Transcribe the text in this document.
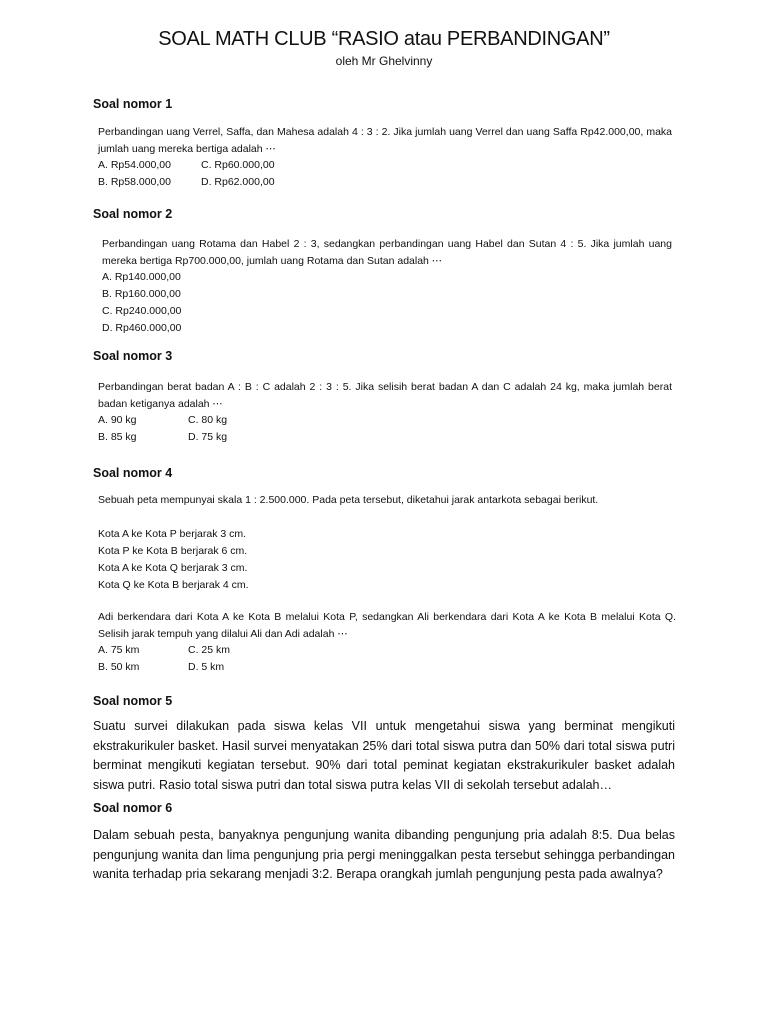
SOAL MATH CLUB “RASIO atau PERBANDINGAN”

oleh Mr Ghelvinny

Soal nomor 1

Perbandingan uang Verrel, Saffa, dan Mahesa adalah 4 : 3 : 2. Jika jumlah uang Verrel dan uang Saffa Rp42.000,00, maka jumlah uang mereka bertiga adalah ⋯

A. Rp54.000,00	C. Rp60.000,00
B. Rp58.000,00	D. Rp62.000,00

Soal nomor 2

Perbandingan uang Rotama dan Habel 2 : 3, sedangkan perbandingan uang Habel dan Sutan 4 : 5. Jika jumlah uang mereka bertiga Rp700.000,00, jumlah uang Rotama dan Sutan adalah ⋯

A. Rp140.000,00
B. Rp160.000,00
C. Rp240.000,00
D. Rp460.000,00

Soal nomor 3

Perbandingan berat badan A : B : C adalah 2 : 3 : 5. Jika selisih berat badan A dan C adalah 24 kg, maka jumlah berat badan ketiganya adalah ⋯

A. 90 kg	C. 80 kg
B. 85 kg	D. 75 kg

Soal nomor 4

Sebuah peta mempunyai skala 1 : 2.500.000. Pada peta tersebut, diketahui jarak antarkota sebagai berikut.

Kota A ke Kota P berjarak 3 cm.
Kota P ke Kota B berjarak 6 cm.
Kota A ke Kota Q berjarak 3 cm.
Kota Q ke Kota B berjarak 4 cm.

Adi berkendara dari Kota A ke Kota B melalui Kota P, sedangkan Ali berkendara dari Kota A ke Kota B melalui Kota Q. Selisih jarak tempuh yang dilalui Ali dan Adi adalah ⋯

A. 75 km	C. 25 km
B. 50 km	D. 5 km

Soal nomor 5

Suatu survei dilakukan pada siswa kelas VII untuk mengetahui siswa yang berminat mengikuti ekstrakurikuler basket. Hasil survei menyatakan 25% dari total siswa putra dan 50% dari total siswa putri berminat mengikuti kegiatan tersebut. 90% dari total peminat kegiatan ekstrakurikuler basket adalah siswa putri. Rasio total siswa putri dan total siswa putra kelas VII di sekolah tersebut adalah…

Soal nomor 6

Dalam sebuah pesta, banyaknya pengunjung wanita dibanding pengunjung pria adalah 8:5. Dua belas pengunjung wanita dan lima pengunjung pria pergi meninggalkan pesta tersebut sehingga perbandingan wanita terhadap pria sekarang menjadi 3:2. Berapa orangkah jumlah pengunjung pesta pada awalnya?
